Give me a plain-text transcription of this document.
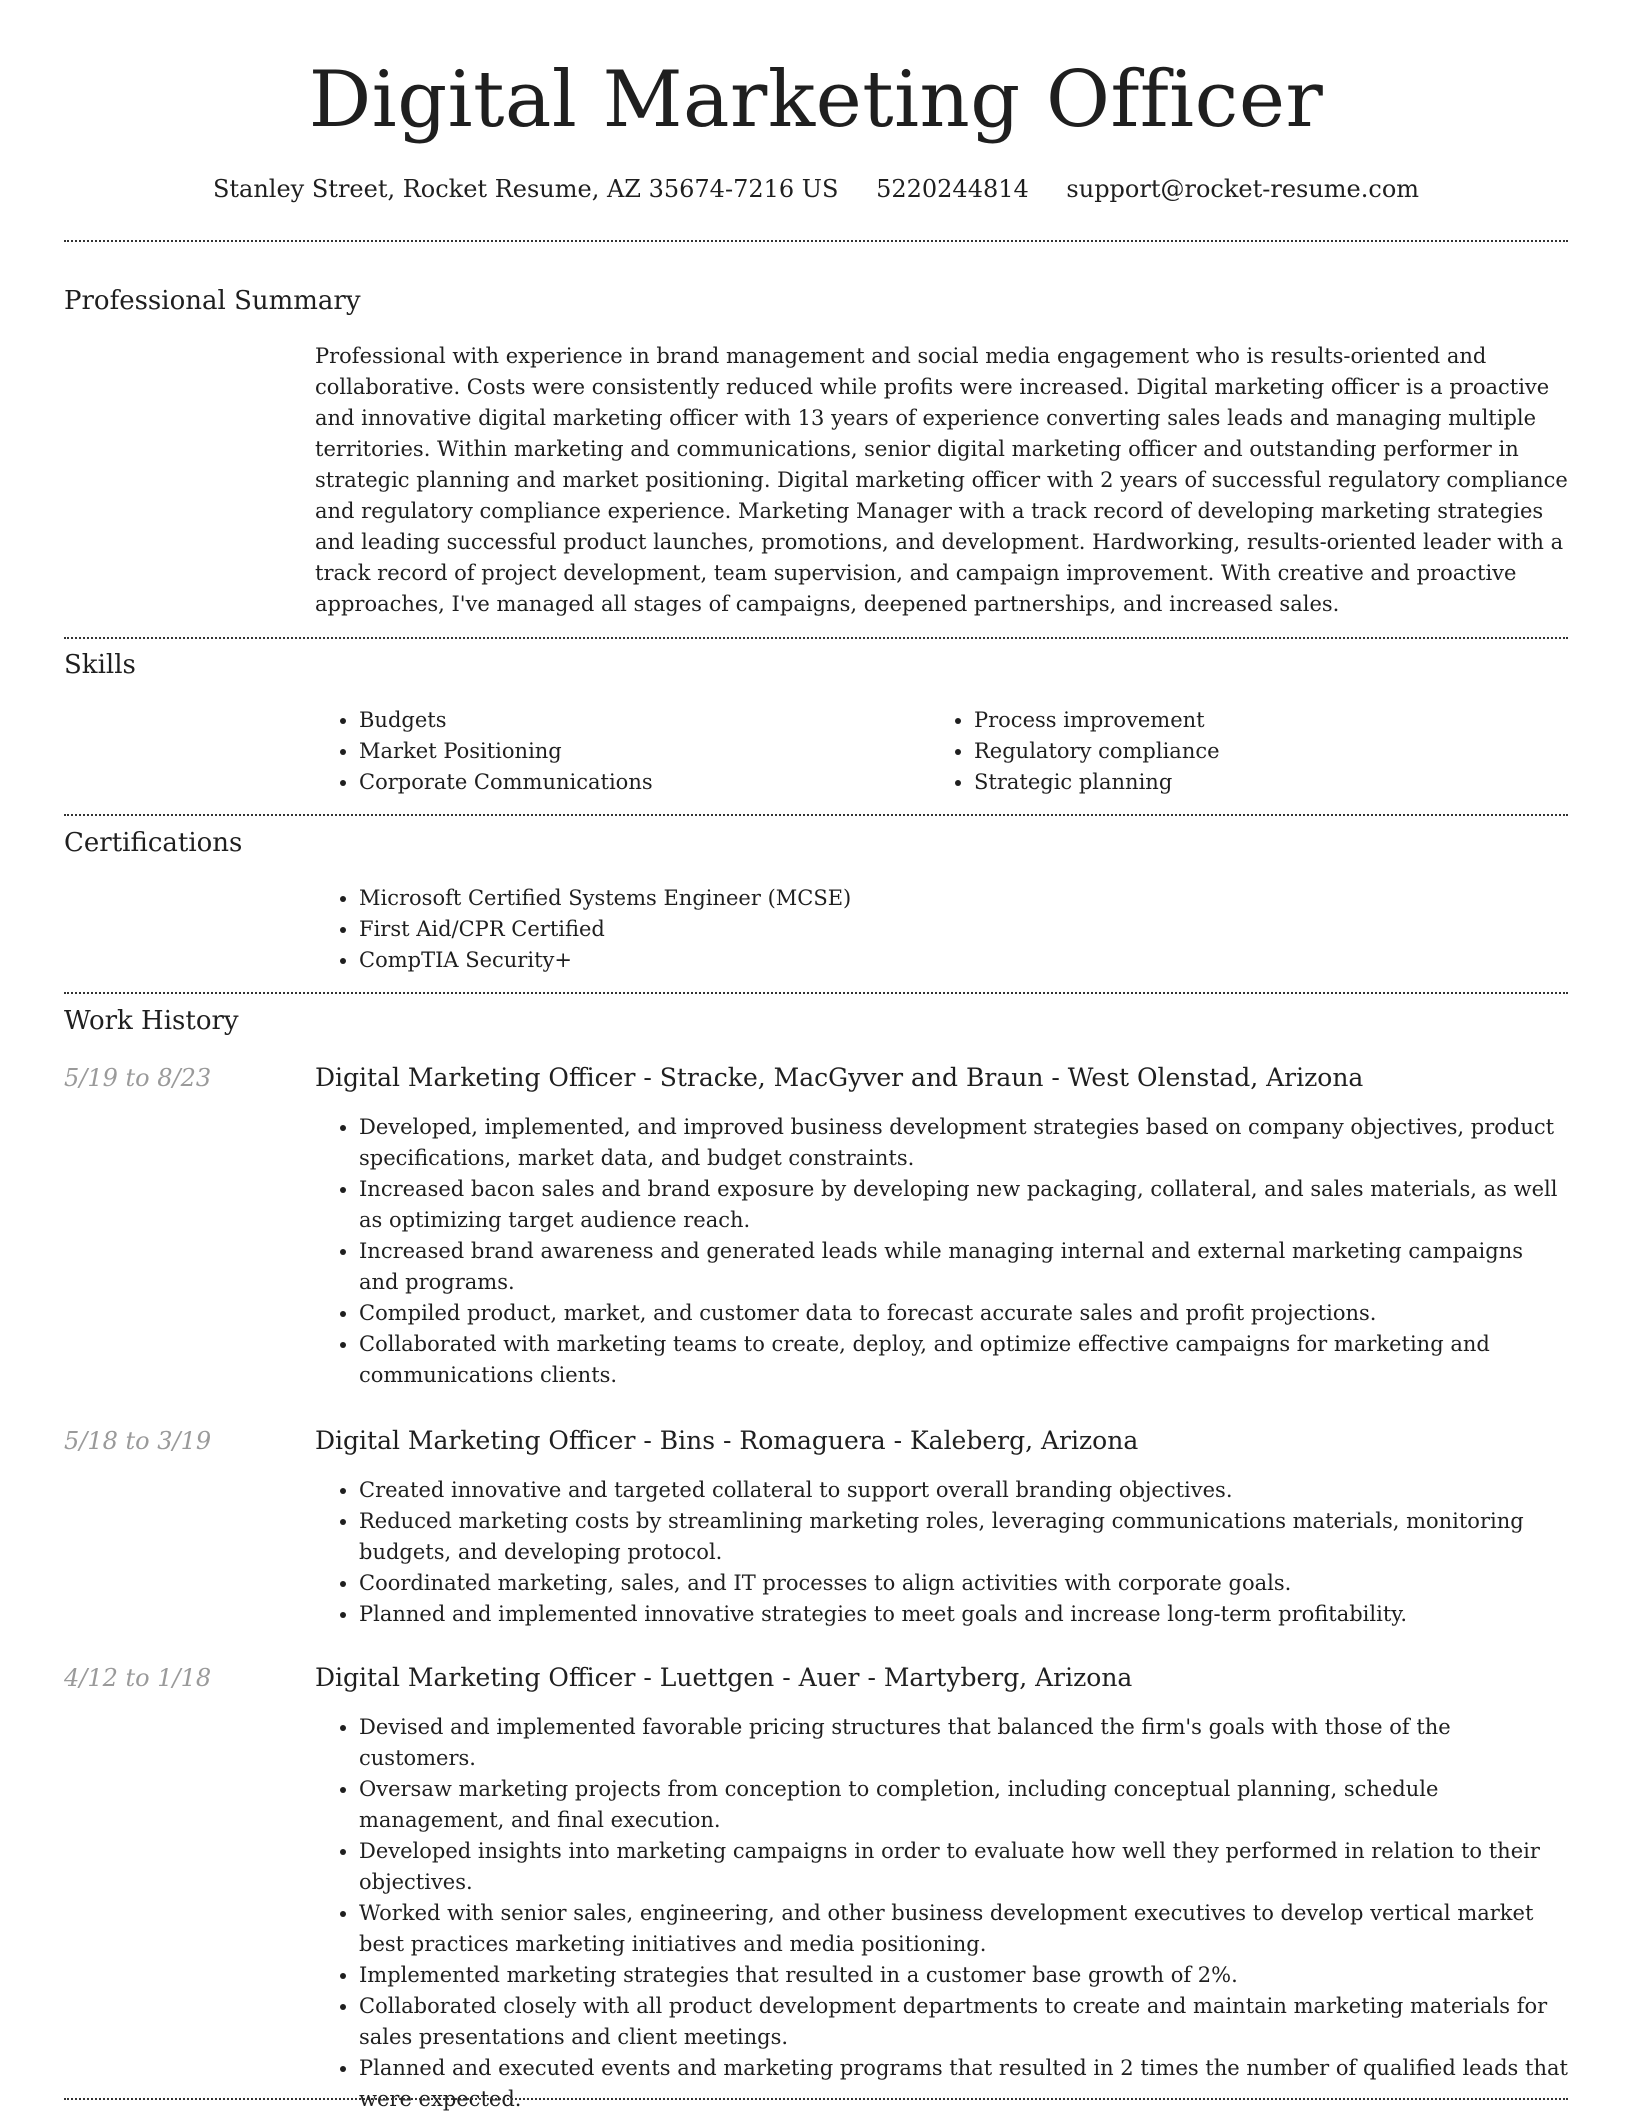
Digital Marketing Officer
Stanley Street, Rocket Resume, AZ 35674-7216 US 5220244814 support@rocket-resume.com
Professional Summary

Professional with experience in brand management and social media engagement who is results-oriented and collaborative. Costs were consistently reduced while profits were increased. Digital marketing officer is a proactive and innovative digital marketing officer with 13 years of experience converting sales leads and managing multiple territories. Within marketing and communications, senior digital marketing officer and outstanding performer in strategic planning and market positioning. Digital marketing officer with 2 years of successful regulatory compliance and regulatory compliance experience. Marketing Manager with a track record of developing marketing strategies and leading successful product launches, promotions, and development. Hardworking, results-oriented leader with a track record of project development, team supervision, and campaign improvement. With creative and proactive approaches, I've managed all stages of campaigns, deepened partnerships, and increased sales.

Skills
• Budgets
• Market Positioning
• Corporate Communications
• Process improvement
• Regulatory compliance
• Strategic planning
Certifications
• Microsoft Certified Systems Engineer (MCSE)
• First Aid/CPR Certified
• CompTIA Security+
Work History
5/19 to 8/23	Digital Marketing Officer - Stracke, MacGyver and Braun - West Olenstad, Arizona
• Developed, implemented, and improved business development strategies based on company objectives, product specifications, market data, and budget constraints.
• Increased bacon sales and brand exposure by developing new packaging, collateral, and sales materials, as well as optimizing target audience reach.
• Increased brand awareness and generated leads while managing internal and external marketing campaigns and programs.
• Compiled product, market, and customer data to forecast accurate sales and profit projections.
• Collaborated with marketing teams to create, deploy, and optimize effective campaigns for marketing and communications clients.
5/18 to 3/19	Digital Marketing Officer - Bins - Romaguera - Kaleberg, Arizona
• Created innovative and targeted collateral to support overall branding objectives.
• Reduced marketing costs by streamlining marketing roles, leveraging communications materials, monitoring budgets, and developing protocol.
• Coordinated marketing, sales, and IT processes to align activities with corporate goals.
• Planned and implemented innovative strategies to meet goals and increase long-term profitability.
4/12 to 1/18	Digital Marketing Officer - Luettgen - Auer - Martyberg, Arizona
• Devised and implemented favorable pricing structures that balanced the firm's goals with those of the customers.
• Oversaw marketing projects from conception to completion, including conceptual planning, schedule management, and final execution.
• Developed insights into marketing campaigns in order to evaluate how well they performed in relation to their objectives.
• Worked with senior sales, engineering, and other business development executives to develop vertical market best practices marketing initiatives and media positioning.
• Implemented marketing strategies that resulted in a customer base growth of 2%.
• Collaborated closely with all product development departments to create and maintain marketing materials for sales presentations and client meetings.
• Planned and executed events and marketing programs that resulted in 2 times the number of qualified leads that were expected.
